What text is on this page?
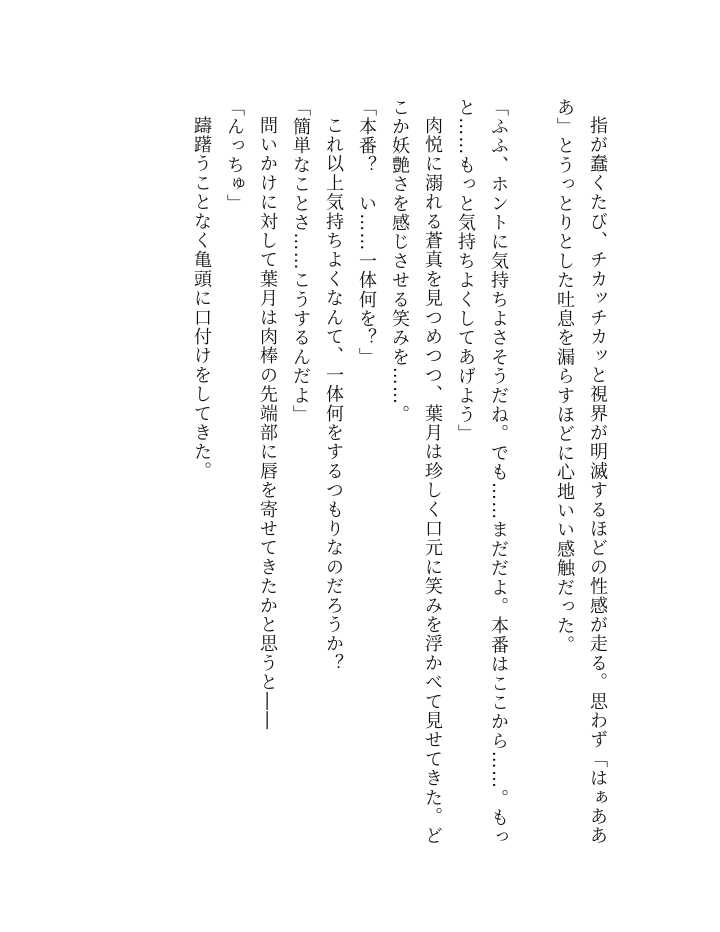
指が蠢くたび、チカッチカッと視界が明滅するほどの性感が走る。思わず「はぁあああ」とうっとりとした吐息を漏らすほどに心地いい感触だった。

「ふふ、ホントに気持ちよさそうだね。でも……まだだよ。本番はここから……。もっと……もっと気持ちよくしてあげよう」

肉悦に溺れる蒼真を見つめつつ、葉月は珍しく口元に笑みを浮かべて見せてきた。どこか妖艶さを感じさせる笑みを……。

「本番？　い……一体何を？」

これ以上気持ちよくなんて、一体何をするつもりなのだろうか？

「簡単なことさ……こうするんだよ」

問いかけに対して葉月は肉棒の先端部に唇を寄せてきたかと思うと――

「んっちゅ」

躊躇うことなく亀頭に口付けをしてきた。
